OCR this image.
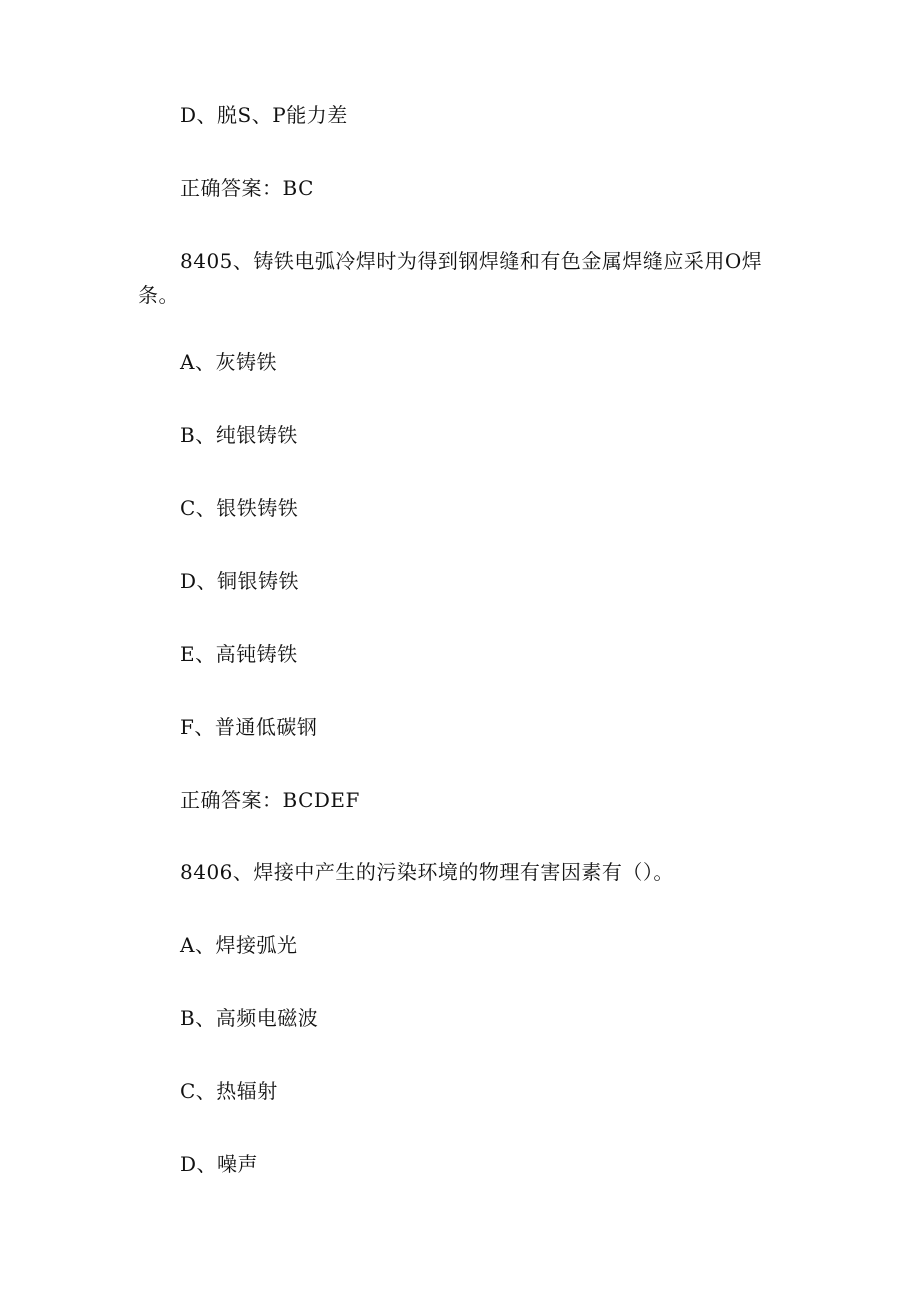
D、脱S、P能力差
正确答案：BC
8405、铸铁电弧冷焊时为得到钢焊缝和有色金属焊缝应采用O焊
条。
A、灰铸铁
B、纯银铸铁
C、银铁铸铁
D、铜银铸铁
E、高钝铸铁
F、普通低碳钢
正确答案：BCDEF
8406、焊接中产生的污染环境的物理有害因素有（）。
A、焊接弧光
B、高频电磁波
C、热辐射
D、噪声
